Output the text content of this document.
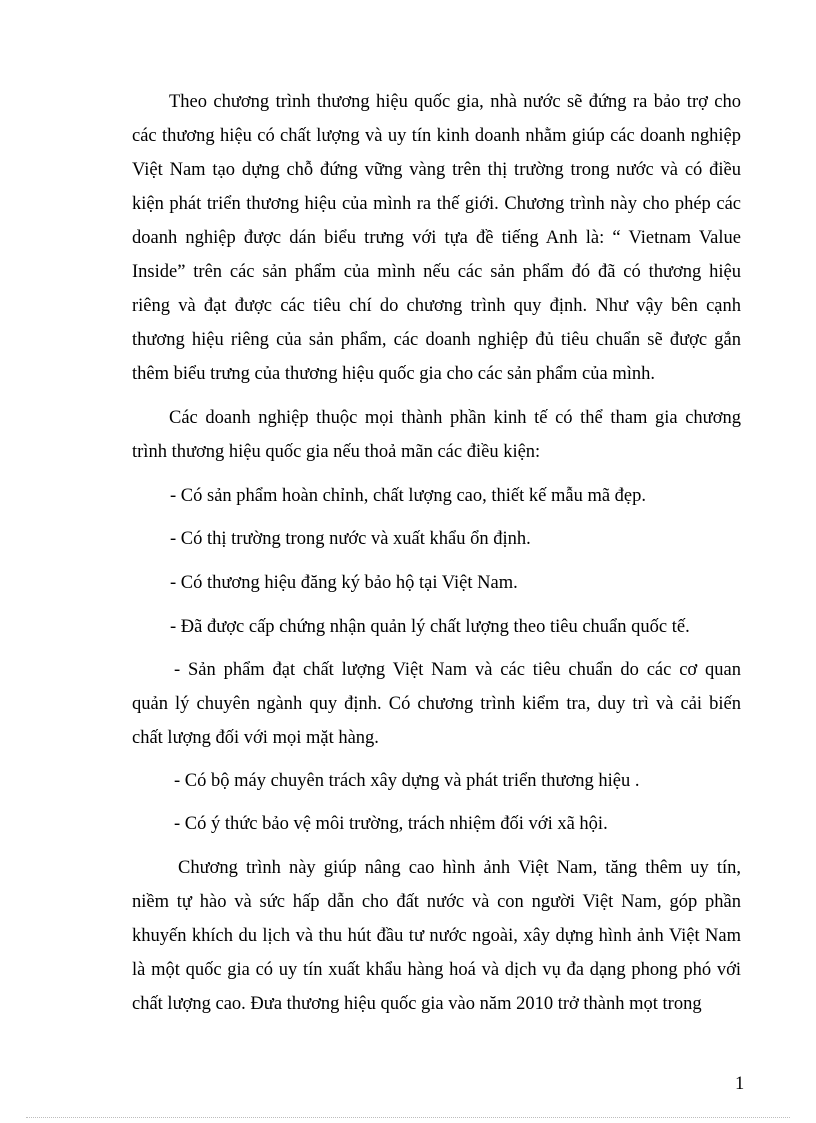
Theo chương trình thương hiệu quốc gia, nhà nước sẽ đứng ra bảo trợ cho

các thương hiệu có chất lượng và uy tín kinh doanh nhằm giúp các doanh nghiệp

Việt Nam tạo dựng chỗ đứng vững vàng trên thị trường trong nước và có điều

kiện phát triển thương hiệu của mình ra thế giới. Chương trình này cho phép các

doanh nghiệp được dán biểu trưng với tựa đề tiếng Anh là: “ Vietnam Value

Inside” trên các sản phẩm của mình nếu các sản phẩm đó đã có thương hiệu

riêng và đạt được các tiêu chí do chương trình quy định. Như vậy bên cạnh

thương hiệu riêng của sản phẩm, các doanh nghiệp đủ tiêu chuẩn sẽ được gắn

thêm biểu trưng của thương hiệu quốc gia cho các sản phẩm của mình.

Các doanh nghiệp thuộc mọi thành phần kinh tế có thể tham gia chương

trình thương hiệu quốc gia nếu thoả mãn các điều kiện:

- Có sản phẩm hoàn chỉnh, chất lượng cao, thiết kế mẫu mã đẹp.

- Có thị trường trong nước và xuất khẩu ổn định.

- Có thương hiệu đăng ký bảo hộ tại Việt Nam.

- Đã được cấp chứng nhận quản lý chất lượng theo tiêu chuẩn quốc tế.

- Sản phẩm đạt chất lượng Việt Nam và các tiêu chuẩn do các cơ quan

quản lý chuyên ngành quy định. Có chương trình kiểm tra, duy trì và cải biến

chất lượng đối với mọi mặt hàng.

- Có bộ máy chuyên trách xây dựng và phát triển thương hiệu .

- Có ý thức bảo vệ môi trường, trách nhiệm đối với xã hội.

Chương trình này giúp nâng cao hình ảnh Việt Nam, tăng thêm uy tín,

niềm tự hào và sức hấp dẫn cho đất nước và con người Việt Nam, góp phần

khuyến khích du lịch và thu hút đầu tư nước ngoài, xây dựng hình ảnh Việt Nam

là một quốc gia có uy tín xuất khẩu hàng hoá và dịch vụ đa dạng phong phó với

chất lượng cao. Đưa thương hiệu quốc gia vào năm 2010 trở thành mọt trong

1
